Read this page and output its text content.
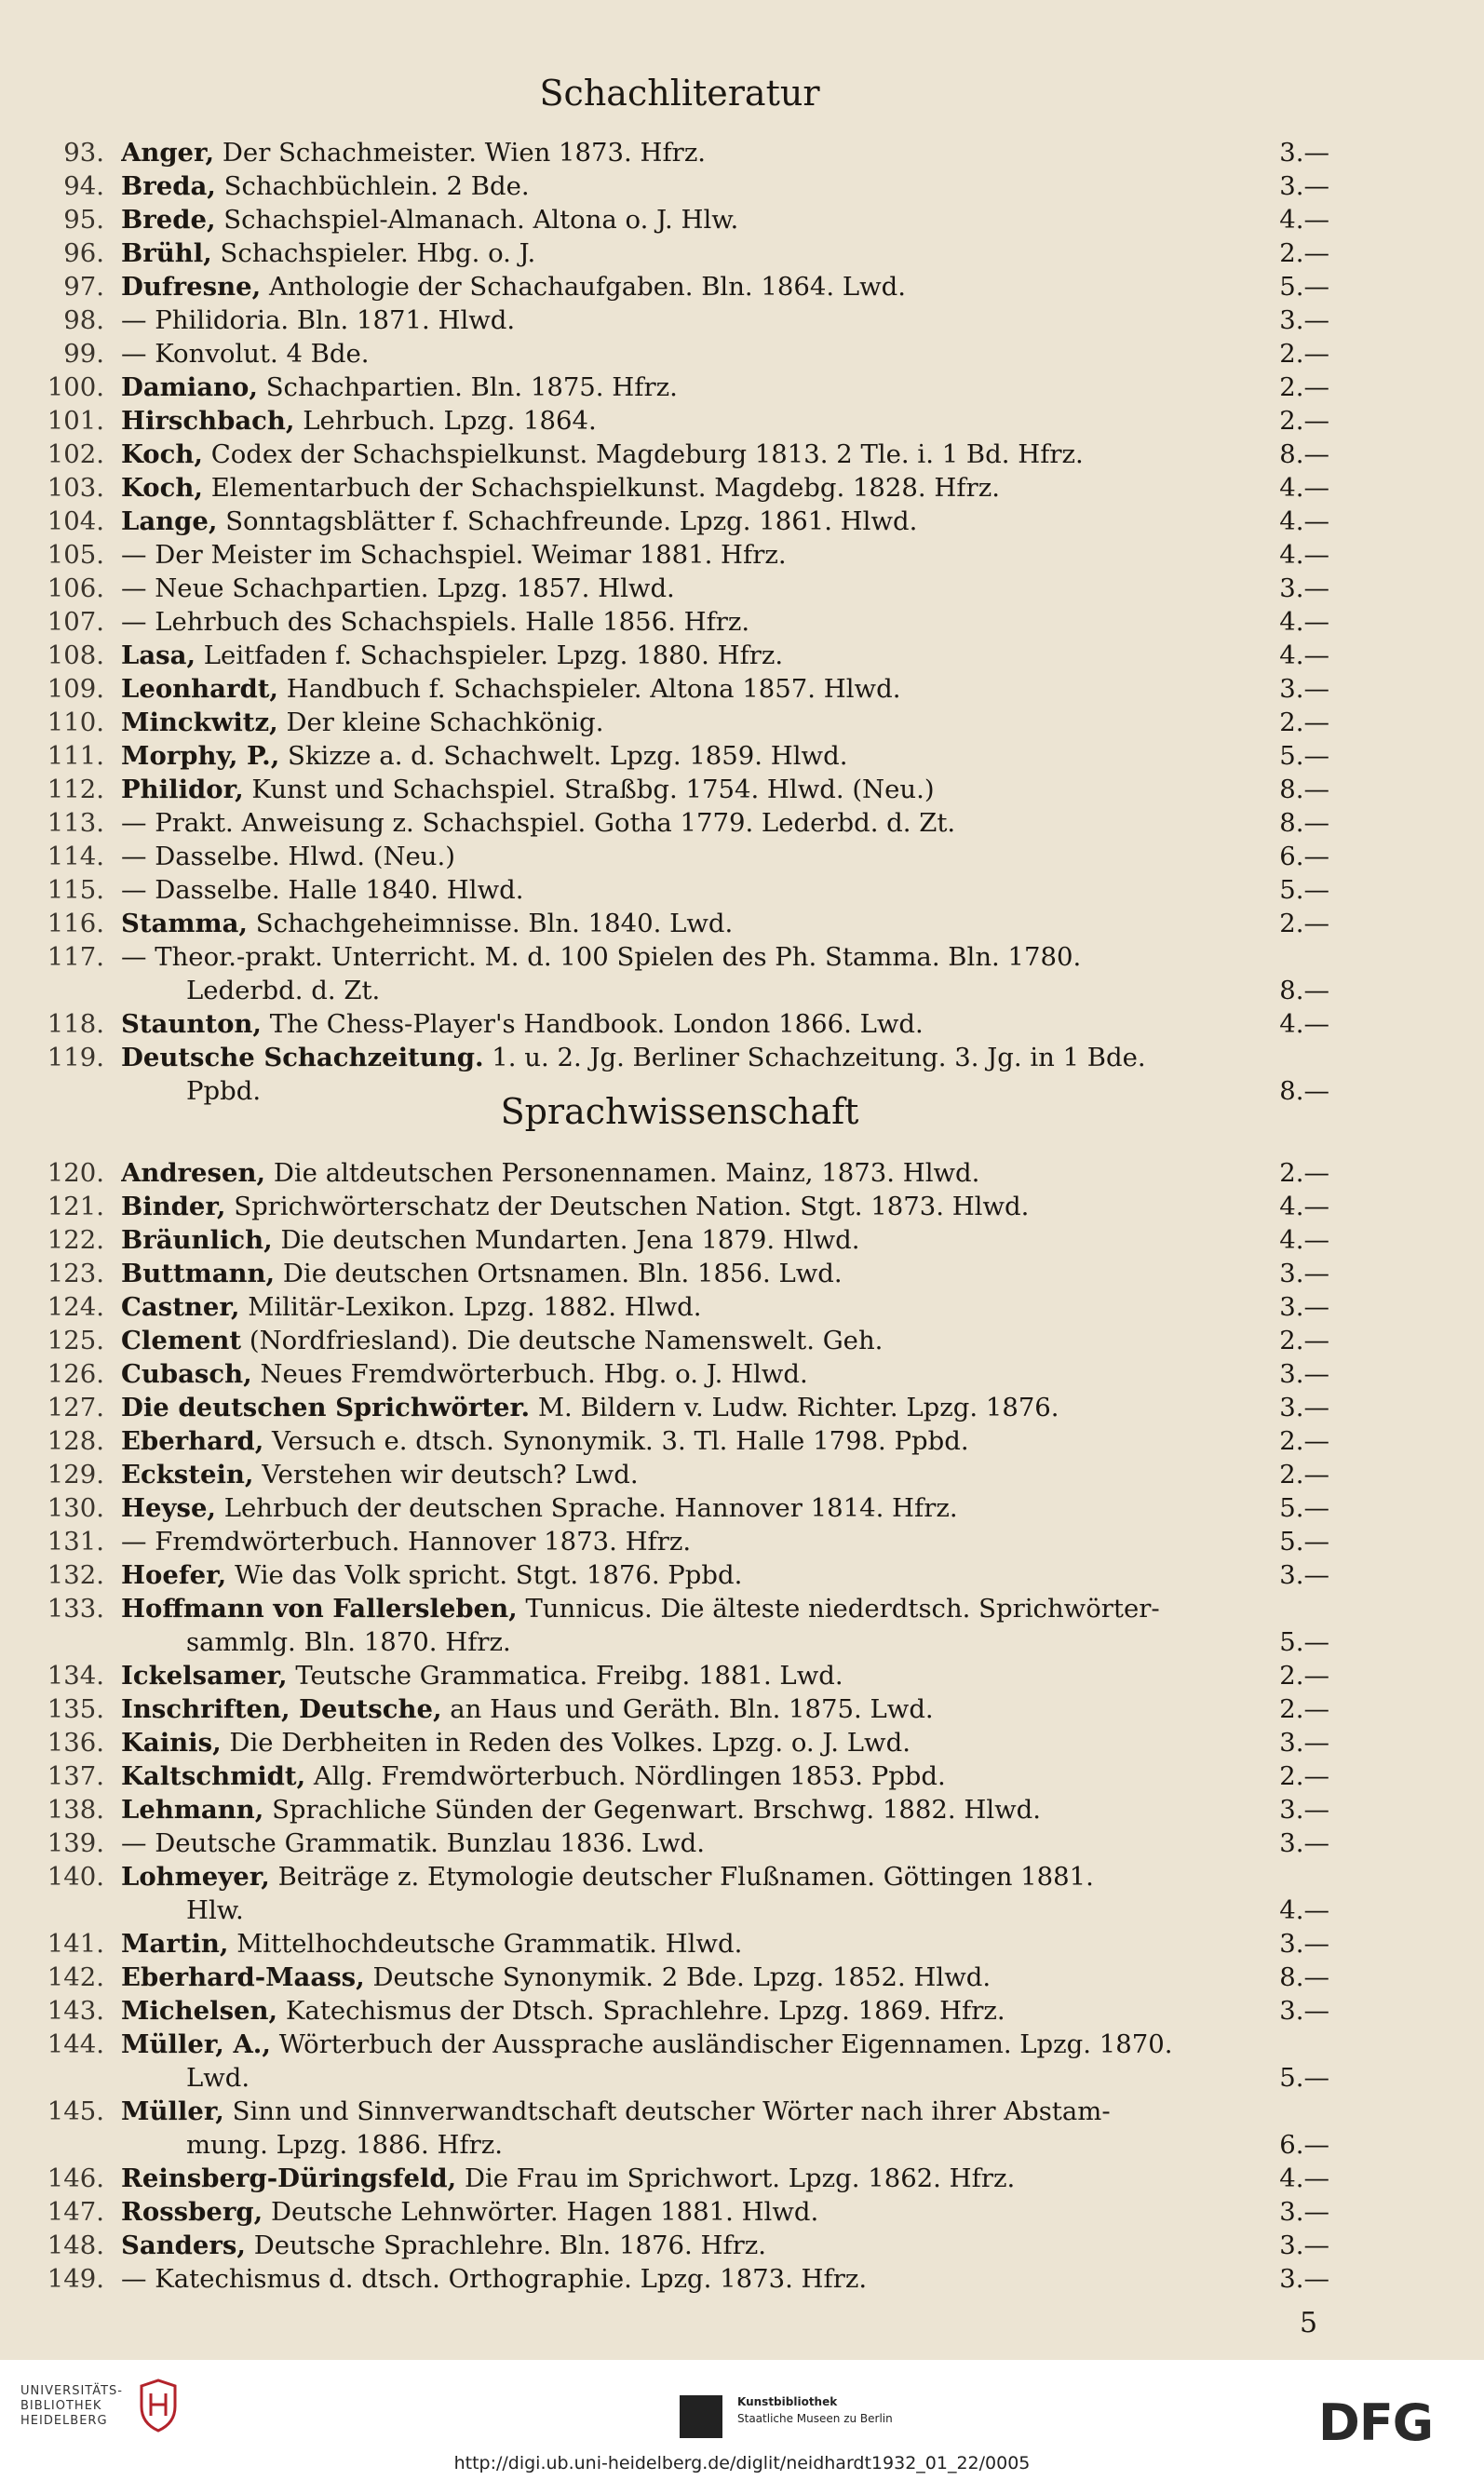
Schachliteratur
93. Anger, Der Schachmeister. Wien 1873. Hfrz.	3.—
94. Breda, Schachbüchlein. 2 Bde.	3.—
95. Brede, Schachspiel-Almanach. Altona o. J. Hlw.	4.—
96. Brühl, Schachspieler. Hbg. o. J.	2.—
97. Dufresne, Anthologie der Schachaufgaben. Bln. 1864. Lwd.	5.—
98. — Philidoria. Bln. 1871. Hlwd.	3.—
99. — Konvolut. 4 Bde.	2.—
100. Damiano, Schachpartien. Bln. 1875. Hfrz.	2.—
101. Hirschbach, Lehrbuch. Lpzg. 1864.	2.—
102. Koch, Codex der Schachspielkunst. Magdeburg 1813. 2 Tle. i. 1 Bd. Hfrz.	8.—
103. Koch, Elementarbuch der Schachspielkunst. Magdebg. 1828. Hfrz.	4.—
104. Lange, Sonntagsblätter f. Schachfreunde. Lpzg. 1861. Hlwd.	4.—
105. — Der Meister im Schachspiel. Weimar 1881. Hfrz.	4.—
106. — Neue Schachpartien. Lpzg. 1857. Hlwd.	3.—
107. — Lehrbuch des Schachspiels. Halle 1856. Hfrz.	4.—
108. Lasa, Leitfaden f. Schachspieler. Lpzg. 1880. Hfrz.	4.—
109. Leonhardt, Handbuch f. Schachspieler. Altona 1857. Hlwd.	3.—
110. Minckwitz, Der kleine Schachkönig.	2.—
111. Morphy, P., Skizze a. d. Schachwelt. Lpzg. 1859. Hlwd.	5.—
112. Philidor, Kunst und Schachspiel. Straßbg. 1754. Hlwd. (Neu.)	8.—
113. — Prakt. Anweisung z. Schachspiel. Gotha 1779. Lederbd. d. Zt.	8.—
114. — Dasselbe. Hlwd. (Neu.)	6.—
115. — Dasselbe. Halle 1840. Hlwd.	5.—
116. Stamma, Schachgeheimnisse. Bln. 1840. Lwd.	2.—
117. — Theor.-prakt. Unterricht. M. d. 100 Spielen des Ph. Stamma. Bln. 1780.
Lederbd. d. Zt.	8.—
118. Staunton, The Chess-Player's Handbook. London 1866. Lwd.	4.—
119. Deutsche Schachzeitung. 1. u. 2. Jg. Berliner Schachzeitung. 3. Jg. in 1 Bde.
Ppbd.	8.—
Sprachwissenschaft
120. Andresen, Die altdeutschen Personennamen. Mainz, 1873. Hlwd.	2.—
121. Binder, Sprichwörterschatz der Deutschen Nation. Stgt. 1873. Hlwd.	4.—
122. Bräunlich, Die deutschen Mundarten. Jena 1879. Hlwd.	4.—
123. Buttmann, Die deutschen Ortsnamen. Bln. 1856. Lwd.	3.—
124. Castner, Militär-Lexikon. Lpzg. 1882. Hlwd.	3.—
125. Clement (Nordfriesland). Die deutsche Namenswelt. Geh.	2.—
126. Cubasch, Neues Fremdwörterbuch. Hbg. o. J. Hlwd.	3.—
127. Die deutschen Sprichwörter. M. Bildern v. Ludw. Richter. Lpzg. 1876.	3.—
128. Eberhard, Versuch e. dtsch. Synonymik. 3. Tl. Halle 1798. Ppbd.	2.—
129. Eckstein, Verstehen wir deutsch? Lwd.	2.—
130. Heyse, Lehrbuch der deutschen Sprache. Hannover 1814. Hfrz.	5.—
131. — Fremdwörterbuch. Hannover 1873. Hfrz.	5.—
132. Hoefer, Wie das Volk spricht. Stgt. 1876. Ppbd.	3.—
133. Hoffmann von Fallersleben, Tunnicus. Die älteste niederdtsch. Sprichwörter-
sammlg. Bln. 1870. Hfrz.	5.—
134. Ickelsamer, Teutsche Grammatica. Freibg. 1881. Lwd.	2.—
135. Inschriften, Deutsche, an Haus und Geräth. Bln. 1875. Lwd.	2.—
136. Kainis, Die Derbheiten in Reden des Volkes. Lpzg. o. J. Lwd.	3.—
137. Kaltschmidt, Allg. Fremdwörterbuch. Nördlingen 1853. Ppbd.	2.—
138. Lehmann, Sprachliche Sünden der Gegenwart. Brschwg. 1882. Hlwd.	3.—
139. — Deutsche Grammatik. Bunzlau 1836. Lwd.	3.—
140. Lohmeyer, Beiträge z. Etymologie deutscher Flußnamen. Göttingen 1881.
Hlw.	4.—
141. Martin, Mittelhochdeutsche Grammatik. Hlwd.	3.—
142. Eberhard-Maass, Deutsche Synonymik. 2 Bde. Lpzg. 1852. Hlwd.	8.—
143. Michelsen, Katechismus der Dtsch. Sprachlehre. Lpzg. 1869. Hfrz.	3.—
144. Müller, A., Wörterbuch der Aussprache ausländischer Eigennamen. Lpzg. 1870.
Lwd.	5.—
145. Müller, Sinn und Sinnverwandtschaft deutscher Wörter nach ihrer Abstam-
mung. Lpzg. 1886. Hfrz.	6.—
146. Reinsberg-Düringsfeld, Die Frau im Sprichwort. Lpzg. 1862. Hfrz.	4.—
147. Rossberg, Deutsche Lehnwörter. Hagen 1881. Hlwd.	3.—
148. Sanders, Deutsche Sprachlehre. Bln. 1876. Hfrz.	3.—
149. — Katechismus d. dtsch. Orthographie. Lpzg. 1873. Hfrz.	3.—
5
UNIVERSITÄTS-
BIBLIOTHEK
HEIDELBERG
Kunstbibliothek
Staatliche Museen zu Berlin	DFG
http://digi.ub.uni-heidelberg.de/diglit/neidhardt1932_01_22/0005
